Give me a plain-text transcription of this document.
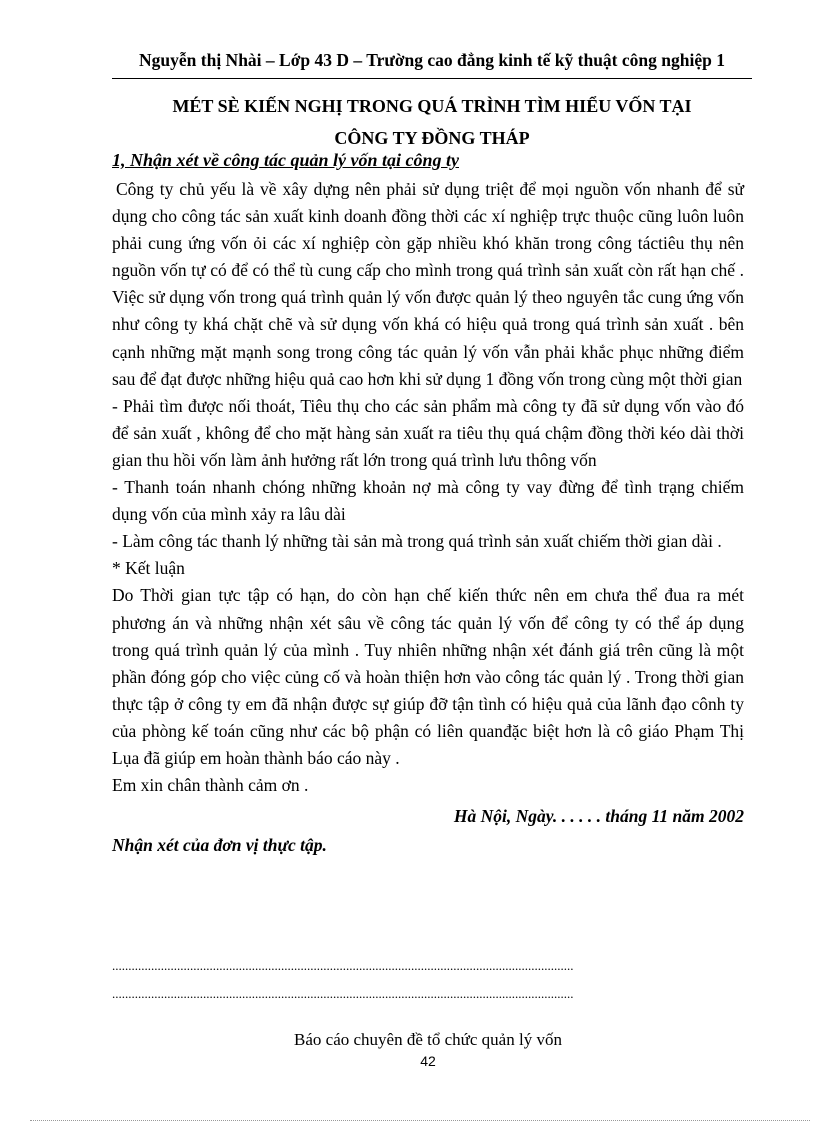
Nguyễn thị Nhài – Lớp 43 D – Trường cao đẳng kinh tế kỹ thuật công nghiệp 1
MÉT SÈ KIẾN NGHỊ TRONG QUÁ TRÌNH TÌM HIỂU VỐN TẠI
CÔNG TY ĐỒNG THÁP
1, Nhận xét về công tác quản lý vốn tại công ty

Công ty chủ yếu là về xây dựng nên phải sử dụng triệt để mọi nguồn vốn nhanh để sử dụng cho công tác sản xuất kinh doanh đồng thời các xí nghiệp trực thuộc cũng luôn luôn phải cung ứng vốn ỏi các xí nghiệp còn gặp nhiều khó khăn trong công táctiêu thụ nên nguồn vốn tự có để có thể tù cung cấp cho mình trong quá trình sản xuất còn rất hạn chế . Việc sử dụng vốn trong quá trình quản lý vốn được quản lý theo nguyên tắc cung ứng vốn như công ty khá chặt chẽ và sử dụng vốn khá có hiệu quả trong quá trình sản xuất . bên cạnh những mặt mạnh song trong công tác quản lý vốn vẫn phải khắc phục những điểm sau để đạt được những hiệu quả cao hơn khi sử dụng 1 đồng vốn trong cùng một thời gian

- Phải tìm được nối thoát, Tiêu thụ cho các sản phẩm mà công ty đã sử dụng vốn vào đó để sản xuất , không để cho mặt hàng sản xuất ra tiêu thụ quá chậm đồng thời kéo dài thời gian thu hồi vốn làm ảnh hưởng rất lớn trong quá trình lưu thông vốn

- Thanh toán nhanh chóng những khoản nợ mà công ty vay đừng để tình trạng chiếm dụng vốn của mình xảy ra lâu dài

- Làm công tác thanh lý những tài sản mà trong quá trình sản xuất chiếm thời gian dài .

* Kết luận

Do Thời gian tực tập có hạn, do còn hạn chế kiến thức nên em chưa thể đua ra mét phương án và những nhận xét sâu về công tác quản lý vốn để công ty có thể áp dụng trong quá trình quản lý của mình . Tuy nhiên những nhận xét đánh giá trên cũng là một phần đóng góp cho việc củng cố và hoàn thiện hơn vào công tác quản lý . Trong thời gian thực tập ở công ty em đã nhận được sự giúp đỡ tận tình có hiệu quả của lãnh đạo cônh ty của phòng kế toán cũng như các bộ phận có liên quanđặc biệt hơn là cô giáo Phạm Thị Lụa đã giúp em hoàn thành báo cáo này .

Em xin chân thành cảm ơn .

Hà Nội, Ngày. . . . . . tháng 11 năm 2002

Nhận xét của đơn vị thực tập.

..............................................................................................................................................
..............................................................................................................................................
Báo cáo chuyên đề tổ chức quản lý vốn
42
